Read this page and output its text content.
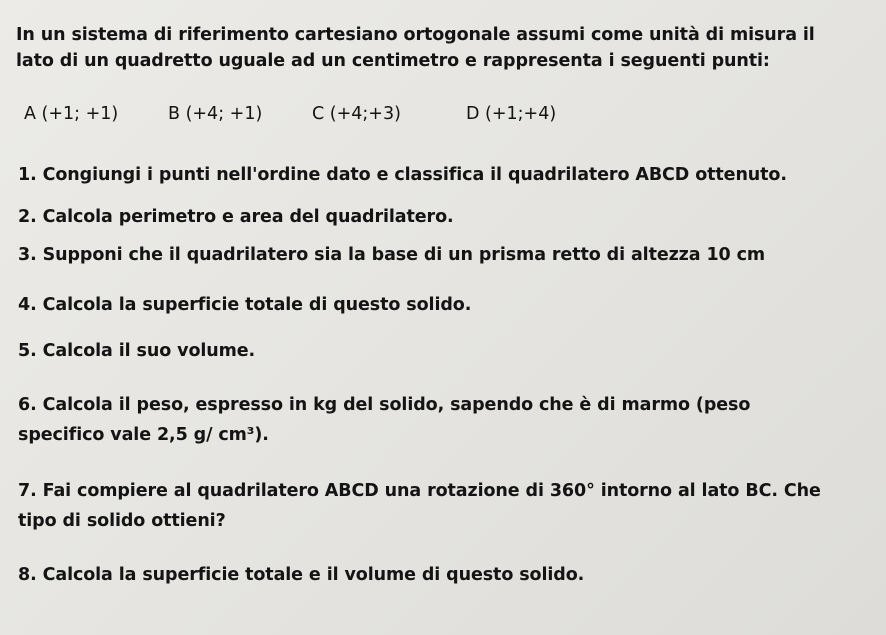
In un sistema di riferimento cartesiano ortogonale assumi come unità di misura il
lato di un quadretto uguale ad un centimetro e rappresenta i seguenti punti:
A (+1; +1)	B (+4; +1)	C (+4;+3)	D (+1;+4)
1. Congiungi i punti nell'ordine dato e classifica il quadrilatero ABCD ottenuto.
2. Calcola perimetro e area del quadrilatero.
3. Supponi che il quadrilatero sia la base di un prisma retto di altezza 10 cm
4. Calcola la superficie totale di questo solido.
5. Calcola il suo volume.
6. Calcola il peso, espresso in kg del solido, sapendo che è di marmo (peso
specifico vale 2,5 g/ cm³).
7. Fai compiere al quadrilatero ABCD una rotazione di 360° intorno al lato BC. Che
tipo di solido ottieni?
8. Calcola la superficie totale e il volume di questo solido.
